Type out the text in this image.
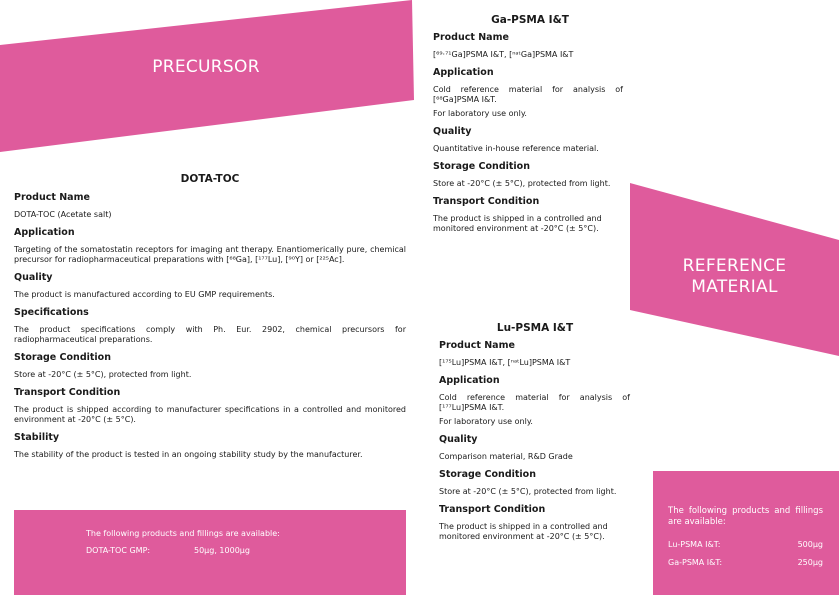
PRECURSOR
REFERENCE
MATERIAL
DOTA-TOC
Product Name
DOTA-TOC (Acetate salt)
Application
Targeting of the somatostatin receptors for imaging ant therapy. Enantiomerically pure, chemical precursor for radiopharmaceutical preparations with [⁶⁸Ga], [¹⁷⁷Lu], [⁹⁰Y] or [²²⁵Ac].
Quality
The product is manufactured according to EU GMP requirements.
Specifications
The product specifications comply with Ph. Eur. 2902, chemical precursors for radiopharmaceutical preparations.
Storage Condition
Store at -20°C (± 5°C), protected from light.
Transport Condition
The product is shipped according to manufacturer specifications in a controlled and monitored environment at -20°C (± 5°C).
Stability
The stability of the product is tested in an ongoing stability study by the manufacturer.
The following products and fillings are available:
DOTA-TOC GMP:	50µg, 1000µg
Ga-PSMA I&T
Product Name
[⁶⁹·⁷¹Ga]PSMA I&T, [ⁿᵃᵗGa]PSMA I&T
Application
Cold reference material for analysis of [⁶⁸Ga]PSMA I&T.
For laboratory use only.
Quality
Quantitative in-house reference material.
Storage Condition
Store at -20°C (± 5°C), protected from light.
Transport Condition
The product is shipped in a controlled and monitored environment at -20°C (± 5°C).
Lu-PSMA I&T
Product Name
[¹⁷⁵Lu]PSMA I&T, [ⁿᵃᵗLu]PSMA I&T
Application
Cold reference material for analysis of [¹⁷⁷Lu]PSMA I&T.
For laboratory use only.
Quality
Comparison material, R&D Grade
Storage Condition
Store at -20°C (± 5°C), protected from light.
Transport Condition
The product is shipped in a controlled and monitored environment at -20°C (± 5°C).
The following products and fillings are available:
Lu-PSMA I&T:	500µg
Ga-PSMA I&T:	250µg
